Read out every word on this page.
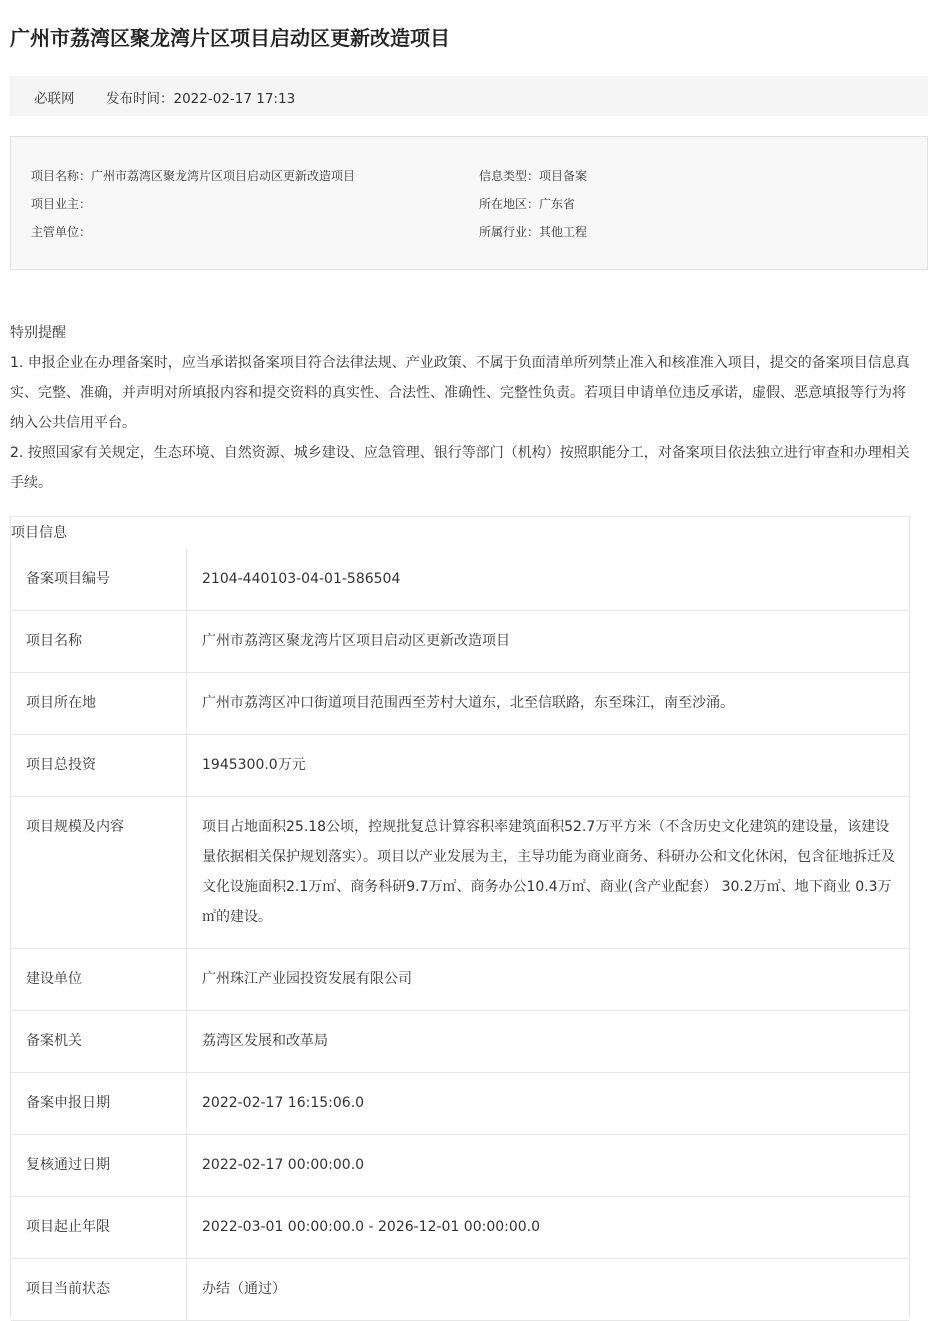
广州市荔湾区聚龙湾片区项目启动区更新改造项目
必联网 发布时间：2022-02-17 17:13
项目名称：广州市荔湾区聚龙湾片区项目启动区更新改造项目
项目业主：
主管单位：
信息类型：项目备案
所在地区：广东省
所属行业：其他工程

特别提醒

1. 申报企业在办理备案时，应当承诺拟备案项目符合法律法规、产业政策、不属于负面清单所列禁止准入和核准准入项目，提交的备案项目信息真实、完整、准确，并声明对所填报内容和提交资料的真实性、合法性、准确性、完整性负责。若项目申请单位违反承诺，虚假、恶意填报等行为将纳入公共信用平台。

2. 按照国家有关规定，生态环境、自然资源、城乡建设、应急管理、银行等部门（机构）按照职能分工，对备案项目依法独立进行审查和办理相关手续。

项目信息
备案项目编号	2104-440103-04-01-586504

项目名称	广州市荔湾区聚龙湾片区项目启动区更新改造项目

项目所在地	广州市荔湾区冲口街道项目范围西至芳村大道东，北至信联路，东至珠江，南至沙涌。

项目总投资	1945300.0万元

项目规模及内容	项目占地面积25.18公顷，控规批复总计算容积率建筑面积52.7万平方米（不含历史文化建筑的建设量，该建设量依据相关保护规划落实）。项目以产业发展为主，主导功能为商业商务、科研办公和文化休闲，包含征地拆迁及文化设施面积2.1万㎡、商务科研9.7万㎡、商务办公10.4万㎡、商业(含产业配套） 30.2万㎡、地下商业 0.3万㎡的建设。

建设单位	广州珠江产业园投资发展有限公司

备案机关	荔湾区发展和改革局

备案申报日期	2022-02-17 16:15:06.0

复核通过日期	2022-02-17 00:00:00.0

项目起止年限	2022-03-01 00:00:00.0 - 2026-12-01 00:00:00.0

项目当前状态	办结（通过）
